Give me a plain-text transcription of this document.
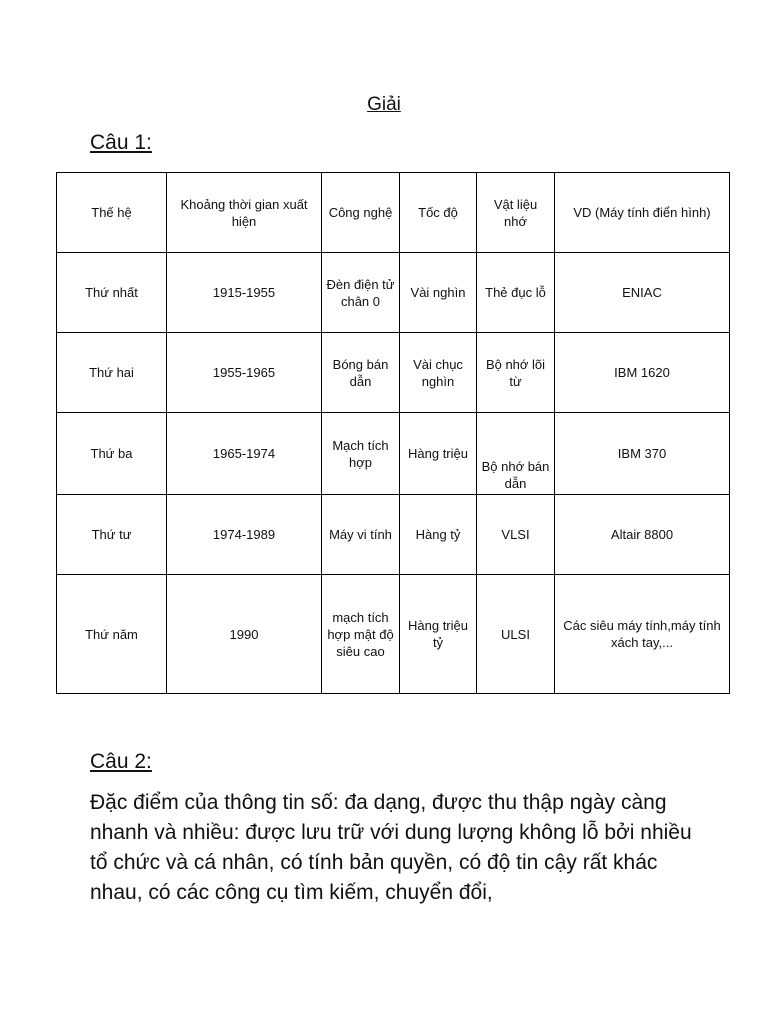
Giải
Câu 1:
Thế hệ	Khoảng thời gian xuất hiện	Công nghệ	Tốc độ	Vật liệu nhớ	VD (Máy tính điển hình)
Thứ nhất	1915-1955	Đèn điện tử chân 0	Vài nghìn	Thẻ đục lỗ	ENIAC
Thứ hai	1955-1965	Bóng bán dẫn	Vài chục nghìn	Bộ nhớ lõi từ	IBM 1620
Thứ ba	1965-1974	Mạch tích hợp	Hàng triệu	Bộ nhớ bán dẫn	IBM 370
Thứ tư	1974-1989	Máy vi tính	Hàng tỷ	VLSI	Altair 8800
Thứ năm	1990	mạch tích hợp mật độ siêu cao	Hàng triệu tỷ	ULSI	Các siêu máy tính,máy tính xách tay,...
Câu 2:
Đặc điểm của thông tin số: đa dạng, được thu thập ngày càng nhanh và nhiều: được lưu trữ với dung lượng không lỗ bởi nhiều tổ chức và cá nhân, có tính bản quyền, có độ tin cậy rất khác nhau, có các công cụ tìm kiếm, chuyển đổi,
